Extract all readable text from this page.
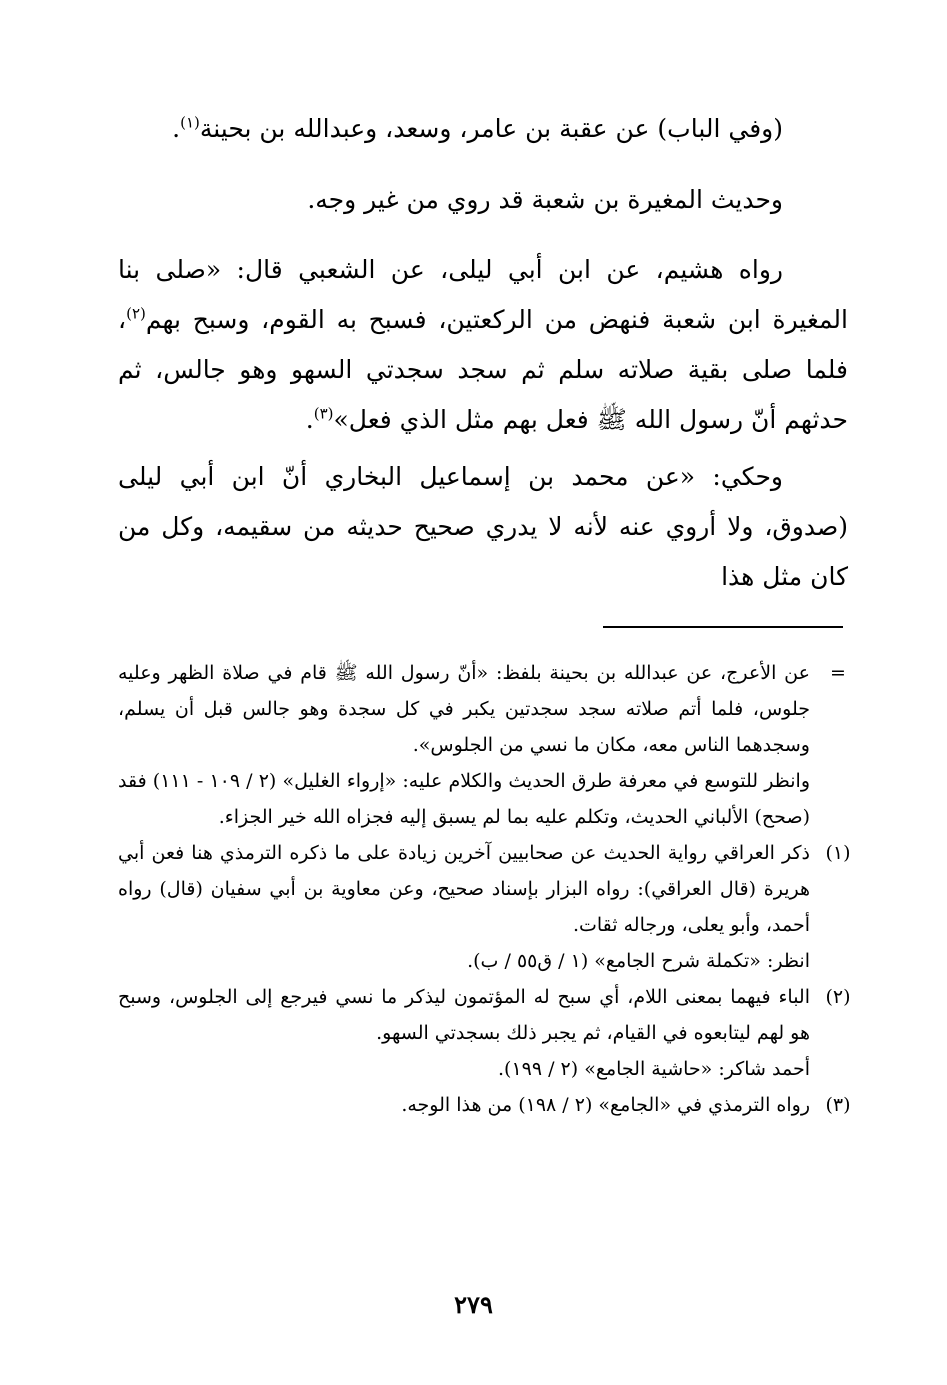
(وفي الباب) عن عقبة بن عامر، وسعد، وعبدالله بن بحينة$^{(١)}$.

وحديث المغيرة بن شعبة قد روي من غير وجه.

رواه هشيم، عن ابن أبي ليلى، عن الشعبي قال: «صلى بنا المغيرة ابن شعبة فنهض من الركعتين، فسبح به القوم، وسبح بهم$^{(٢)}$، فلما صلى بقية صلاته سلم ثم سجد سجدتي السهو وهو جالس، ثم حدثهم أنّ رسول الله ﷺ فعل بهم مثل الذي فعل»$^{(٣)}$.

وحكي: «عن محمد بن إسماعيل البخاري أنّ ابن أبي ليلى (صدوق، ولا أروي عنه لأنه لا يدري صحيح حديثه من سقيمه، وكل من كان مثل هذا

=

عن الأعرج، عن عبدالله بن بحينة بلفظ: «أنّ رسول الله ﷺ قام في صلاة الظهر وعليه جلوس، فلما أتم صلاته سجد سجدتين يكبر في كل سجدة وهو جالس قبل أن يسلم، وسجدهما الناس معه، مكان ما نسي من الجلوس».

وانظر للتوسع في معرفة طرق الحديث والكلام عليه: «إرواء الغليل» (٢ / ١٠٩ - ١١١) فقد (صحح) الألباني الحديث، وتكلم عليه بما لم يسبق إليه فجزاه الله خير الجزاء.

(١)

ذكر العراقي رواية الحديث عن صحابيين آخرين زيادة على ما ذكره الترمذي هنا فعن أبي هريرة (قال العراقي): رواه البزار بإسناد صحيح، وعن معاوية بن أبي سفيان (قال) رواه أحمد، وأبو يعلى، ورجاله ثقات.

انظر: «تكملة شرح الجامع» (١ / ق٥٥ / ب).

(٢)

الباء فيهما بمعنى اللام، أي سبح له المؤتمون ليذكر ما نسي فيرجع إلى الجلوس، وسبح هو لهم ليتابعوه في القيام، ثم يجبر ذلك بسجدتي السهو.

أحمد شاكر: «حاشية الجامع» (٢ / ١٩٩).

(٣)

رواه الترمذي في «الجامع» (٢ / ١٩٨) من هذا الوجه.

٢٧٩
